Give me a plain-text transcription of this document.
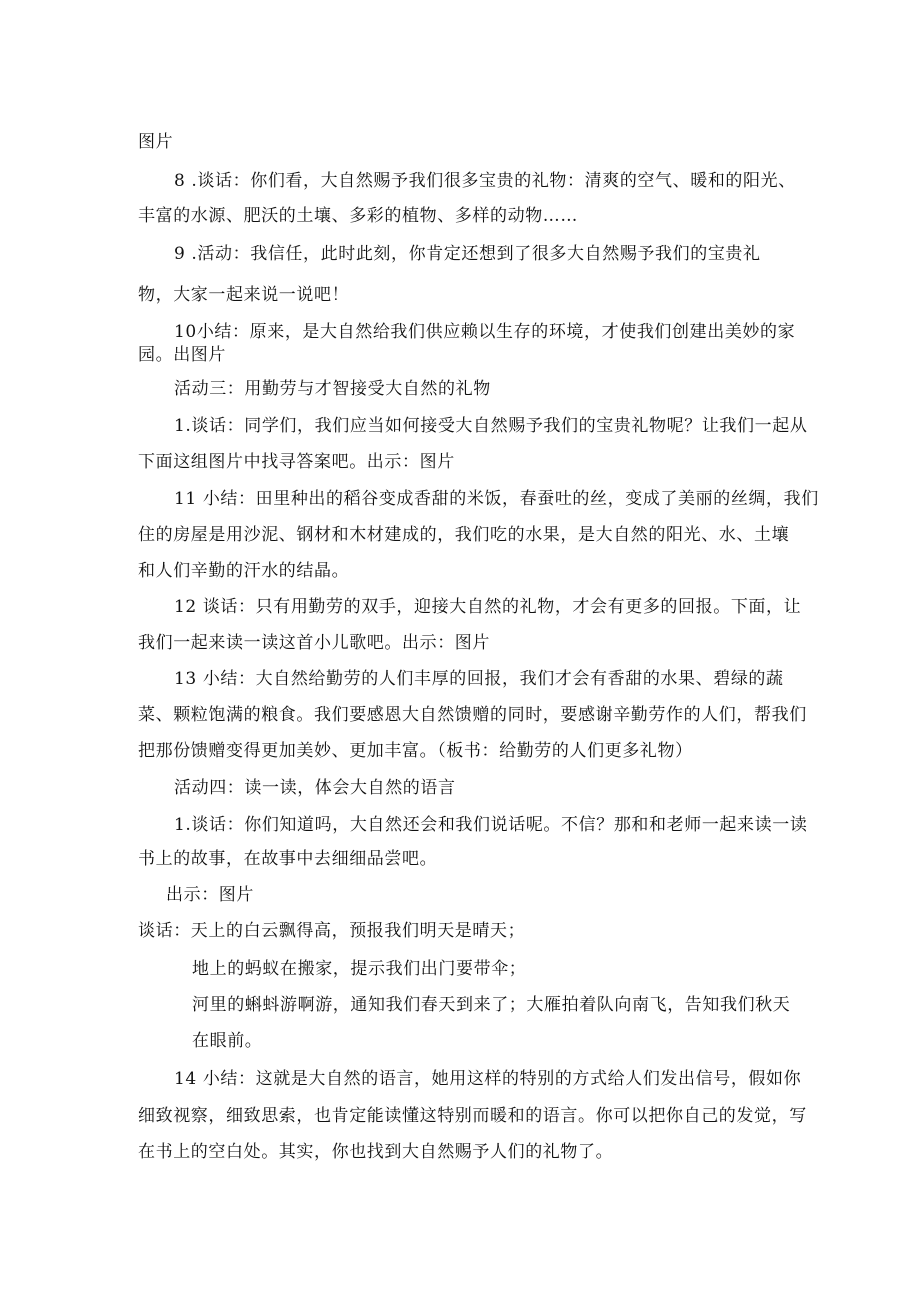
图片
8 .谈话：你们看，大自然赐予我们很多宝贵的礼物：清爽的空气、暖和的阳光、
丰富的水源、肥沃的土壤、多彩的植物、多样的动物……
9 .活动：我信任，此时此刻，你肯定还想到了很多大自然赐予我们的宝贵礼
物，大家一起来说一说吧！
10小结：原来，是大自然给我们供应赖以生存的环境，才使我们创建出美妙的家
园。出图片
活动三：用勤劳与才智接受大自然的礼物
1.谈话：同学们，我们应当如何接受大自然赐予我们的宝贵礼物呢？让我们一起从
下面这组图片中找寻答案吧。出示：图片
11 小结：田里种出的稻谷变成香甜的米饭，春蚕吐的丝，变成了美丽的丝绸，我们
住的房屋是用沙泥、钢材和木材建成的，我们吃的水果，是大自然的阳光、水、土壤
和人们辛勤的汗水的结晶。
12 谈话：只有用勤劳的双手，迎接大自然的礼物，才会有更多的回报。下面，让
我们一起来读一读这首小儿歌吧。出示：图片
13 小结：大自然给勤劳的人们丰厚的回报，我们才会有香甜的水果、碧绿的蔬
菜、颗粒饱满的粮食。我们要感恩大自然馈赠的同时，要感谢辛勤劳作的人们，帮我们
把那份馈赠变得更加美妙、更加丰富。（板书：给勤劳的人们更多礼物）
活动四：读一读，体会大自然的语言
1.谈话：你们知道吗，大自然还会和我们说话呢。不信？那和和老师一起来读一读
书上的故事，在故事中去细细品尝吧。
出示：图片
谈话：天上的白云飘得高，预报我们明天是晴天；
地上的蚂蚁在搬家，提示我们出门要带伞；
河里的蝌蚪游啊游，通知我们春天到来了；大雁拍着队向南飞，告知我们秋天
在眼前。
14 小结：这就是大自然的语言，她用这样的特别的方式给人们发出信号，假如你
细致视察，细致思索，也肯定能读懂这特别而暖和的语言。你可以把你自己的发觉，写
在书上的空白处。其实，你也找到大自然赐予人们的礼物了。
